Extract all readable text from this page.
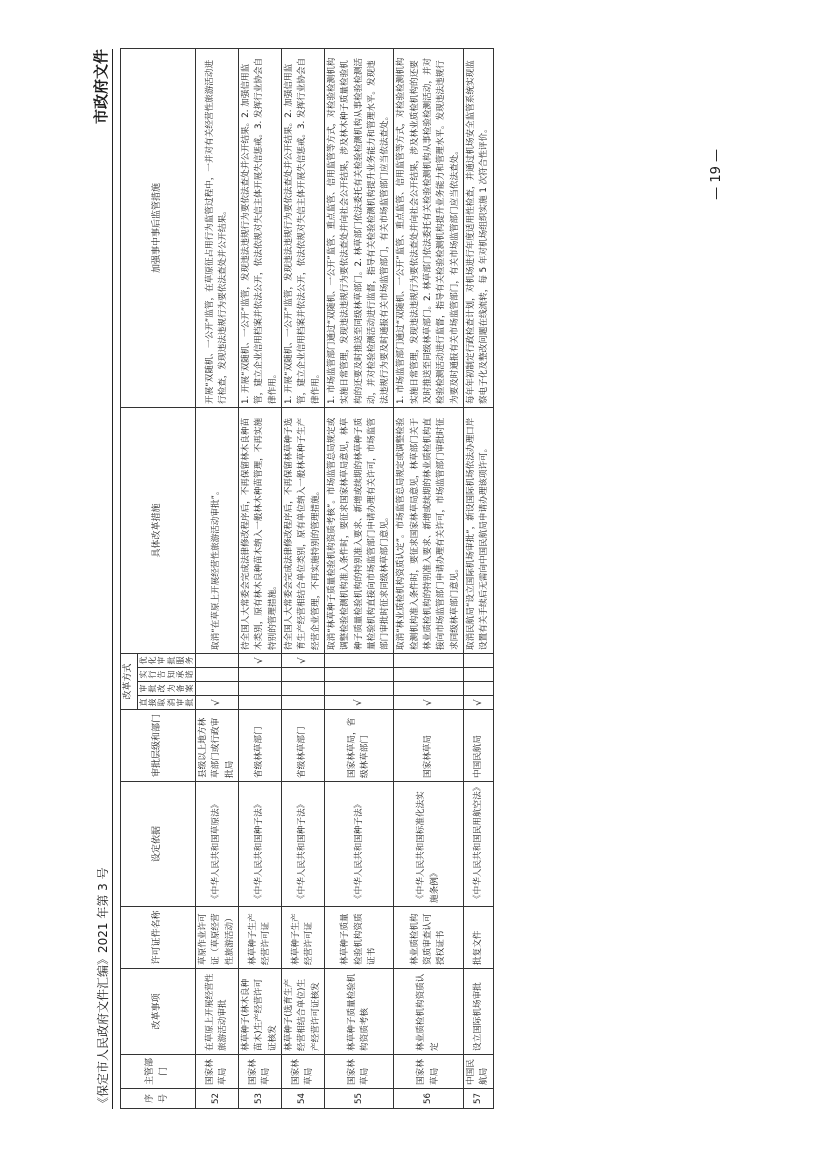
《保定市人民政府文件汇编》2021 年第 3 号
市政府文件
序号	主管部门	改革事项	许可证件名称	设定依据	审批层级和部门	改革方式				具体改革措施	加强事中事后监管措施
						直接取消审批	审批改为备案	实行告知承诺	优化审批服务		
52	国家林草局	在草原上开展经营性旅游活动审批	草原作业许可证（草原经营性旅游活动）	《中华人民共和国草原法》	县级以上地方林草部门或行政审批局	√				取消“在草原上开展经营性旅游活动审批”。	开展“双随机、一公开”监管，在草原征占用行为监管过程中，一并对有关经营性旅游活动进行检查，发现违法违规行为要依法查处并公开结果。
53	国家林草局	林草种子(林木良种苗木)生产经营许可证核发	林草种子生产经营许可证	《中华人民共和国种子法》	省级林草部门				√	待全国人大常委会完成法律修改程序后，不再保留林木良种苗木类别，原有林木良种苗木纳入一般林木种苗管理，不再实施特别的管理措施。	1. 开展“双随机、一公开”监管，发现违法违规行为要依法查处并公开结果。2. 加强信用监管，建立企业信用档案并依法公开，依法依规对失信主体开展失信惩戒。3. 发挥行业协会自律作用。
54	国家林草局	林草种子(选育生产经营相结合单位)生产经营许可证核发	林草种子生产经营许可证	《中华人民共和国种子法》	省级林草部门				√	待全国人大常委会完成法律修改程序后，不再保留林草种子选育生产经营相结合单位类别，原有单位纳入一般林草种子生产经营企业管理，不再实施特别的管理措施。	1. 开展“双随机、一公开”监管，发现违法违规行为要依法查处并公开结果。2. 加强信用监管，建立企业信用档案并依法公开，依法依规对失信主体开展失信惩戒。3. 发挥行业协会自律作用。
55	国家林草局	林草种子质量检验机构资质考核	林草种子质量检验机构资质证书	《中华人民共和国种子法》	国家林草局，省级林草部门	√				取消“林草种子质量检验机构资质考核”。市场监管总局规定或调整检验检测机构准入条件时，要征求国家林草局意见，林草种子质量检验机构的特别准入要求、新增或续期的林草种子质量检验机构直接向市场监管部门申请办理有关许可，市场监管部门审批时征求同级林草部门意见。	1. 市场监管部门通过“双随机、一公开”监管、重点监管、信用监管等方式，对检验检测机构实施日常管理，发现违法违规行为要依法查处并向社会公开结果，涉及林木种子质量检验机构的还要及时推送至同级林草部门。2. 林草部门依法委托有关检验检测机构从事检验检测活动，并对检验检测活动进行监督，指导有关检验检测机构提升业务能力和管理水平。发现违法违规行为要及时通报有关市场监管部门，有关市场监管部门应当依法查处。
56	国家林草局	林业质检机构资质认定	林业质检机构资质审查认可授权证书	《中华人民共和国标准化法实施条例》	国家林草局	√				取消“林业质检机构资质认定”。市场监管总局规定或调整检验检测机构准入条件时，要征求国家林草局意见，林草部门关于林业质检机构的特别准入要求、新增或续期的林业质检机构直接向市场监管部门申请办理有关许可，市场监管部门审批时征求同级林草部门意见。	1. 市场监管部门通过“双随机、一公开”监管、重点监管、信用监管等方式，对检验检测机构实施日常管理，发现违法违规行为要依法查处并向社会公开结果，涉及林业质检机构的还要及时推送至同级林草部门。2. 林草部门依法委托有关检验检测机构从事检验检测活动，并对检验检测活动进行监督，指导有关检验检测机构提升业务能力和管理水平。发现违法违规行为要及时通报有关市场监管部门，有关市场监管部门应当依法查处。
57	中国民航局	设立国际机场审批	批复文件	《中华人民共和国民用航空法》	中国民航局	√				取消民航局“设立国际机场审批”，新设国际机场依法办理口岸设置有关手续后无需向中国民航局申请办理该项许可。	每年年初制定行政检查计划，对机场进行年度适用性检查，并通过机场安全监管系统实现监察电子化及整改问题在线流转，每 5 年对机场组织实施 1 次符合性评价。	— 19 —
